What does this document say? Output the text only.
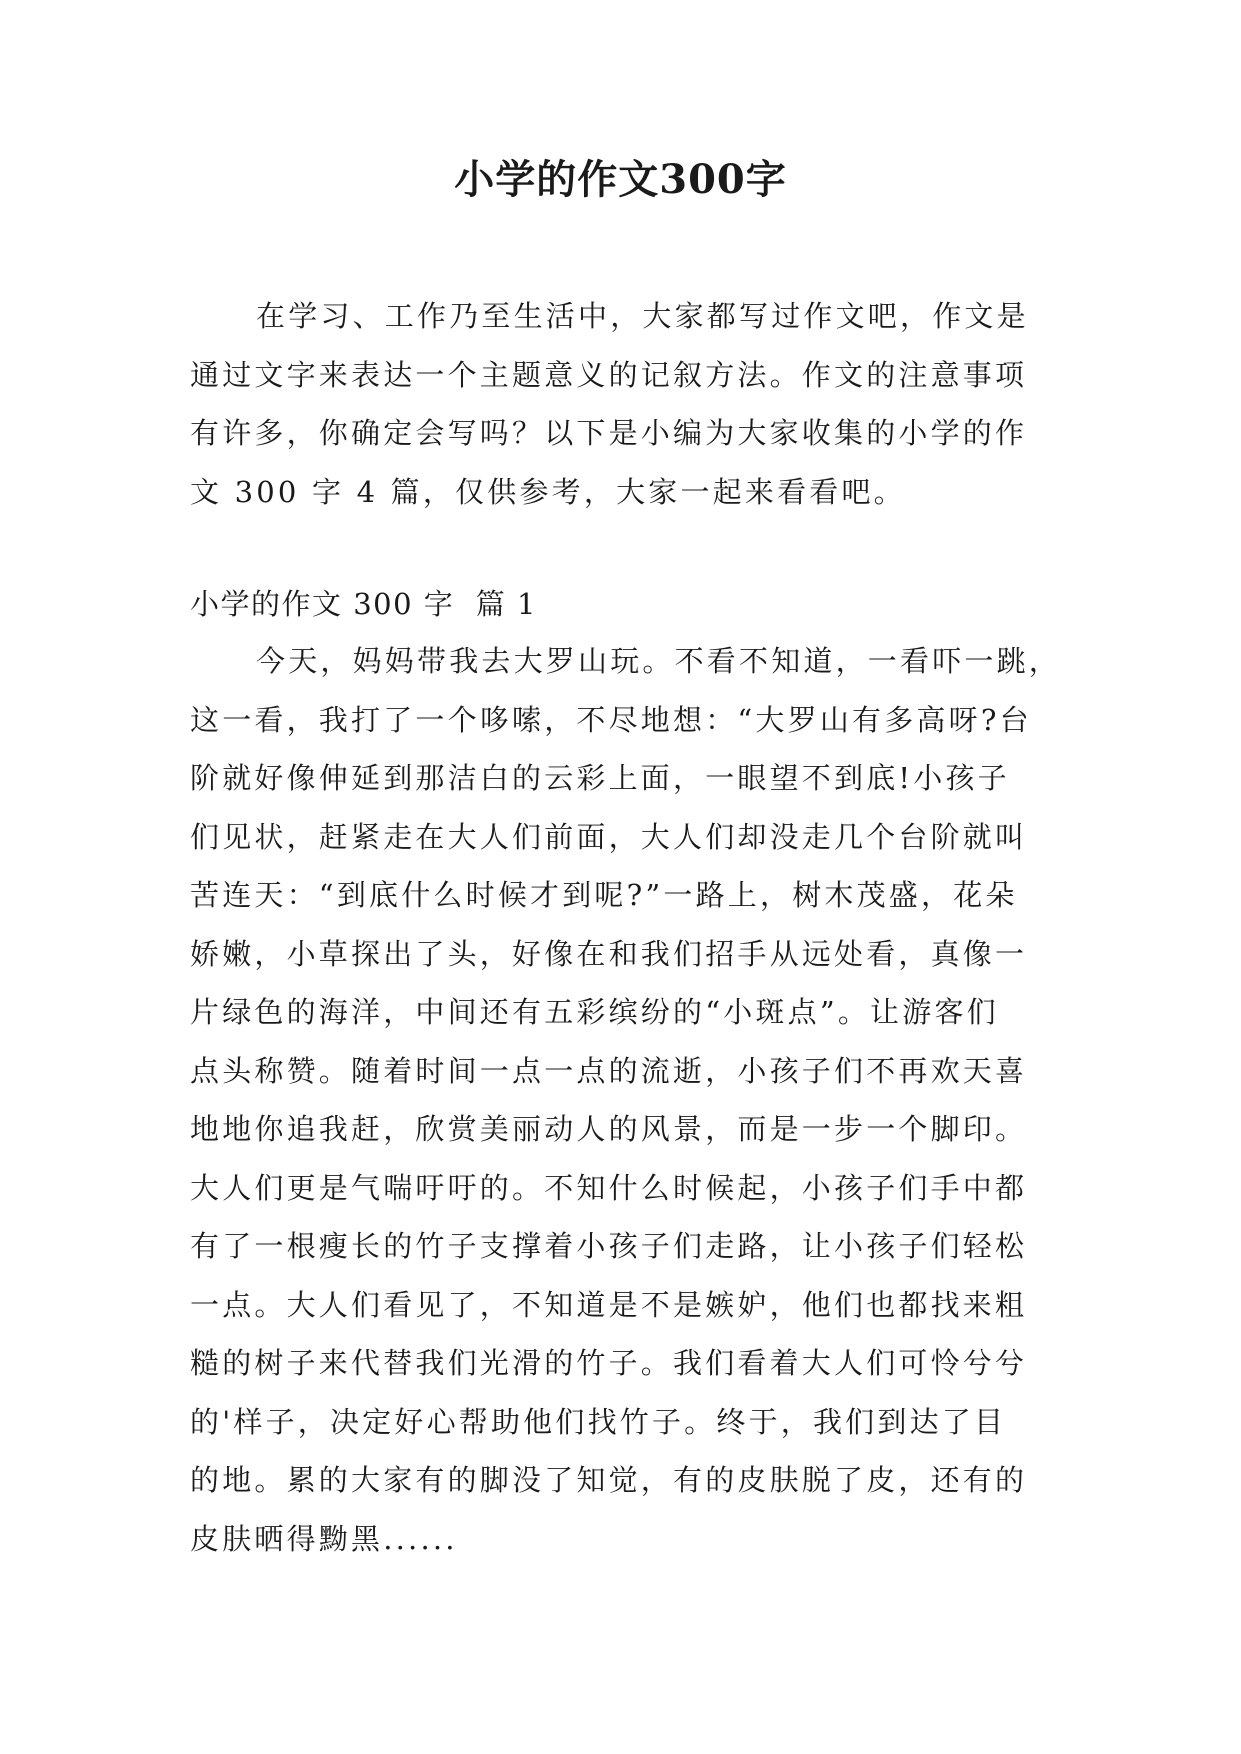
小学的作文300字
在学习、工作乃至生活中，大家都写过作文吧，作文是
通过文字来表达一个主题意义的记叙方法。作文的注意事项
有许多，你确定会写吗？以下是小编为大家收集的小学的作
文 300 字 4 篇，仅供参考，大家一起来看看吧。
小学的作文 300 字  篇 1
今天，妈妈带我去大罗山玩。不看不知道，一看吓一跳，
这一看，我打了一个哆嗦，不尽地想：“大罗山有多高呀?台
阶就好像伸延到那洁白的云彩上面，一眼望不到底!小孩子
们见状，赶紧走在大人们前面，大人们却没走几个台阶就叫
苦连天：“到底什么时候才到呢?”一路上，树木茂盛，花朵
娇嫩，小草探出了头，好像在和我们招手从远处看，真像一
片绿色的海洋，中间还有五彩缤纷的“小斑点”。让游客们
点头称赞。随着时间一点一点的流逝，小孩子们不再欢天喜
地地你追我赶，欣赏美丽动人的风景，而是一步一个脚印。
大人们更是气喘吁吁的。不知什么时候起，小孩子们手中都
有了一根瘦长的竹子支撑着小孩子们走路，让小孩子们轻松
一点。大人们看见了，不知道是不是嫉妒，他们也都找来粗
糙的树子来代替我们光滑的竹子。我们看着大人们可怜兮兮
的'样子，决定好心帮助他们找竹子。终于，我们到达了目
的地。累的大家有的脚没了知觉，有的皮肤脱了皮，还有的
皮肤晒得黝黑......
